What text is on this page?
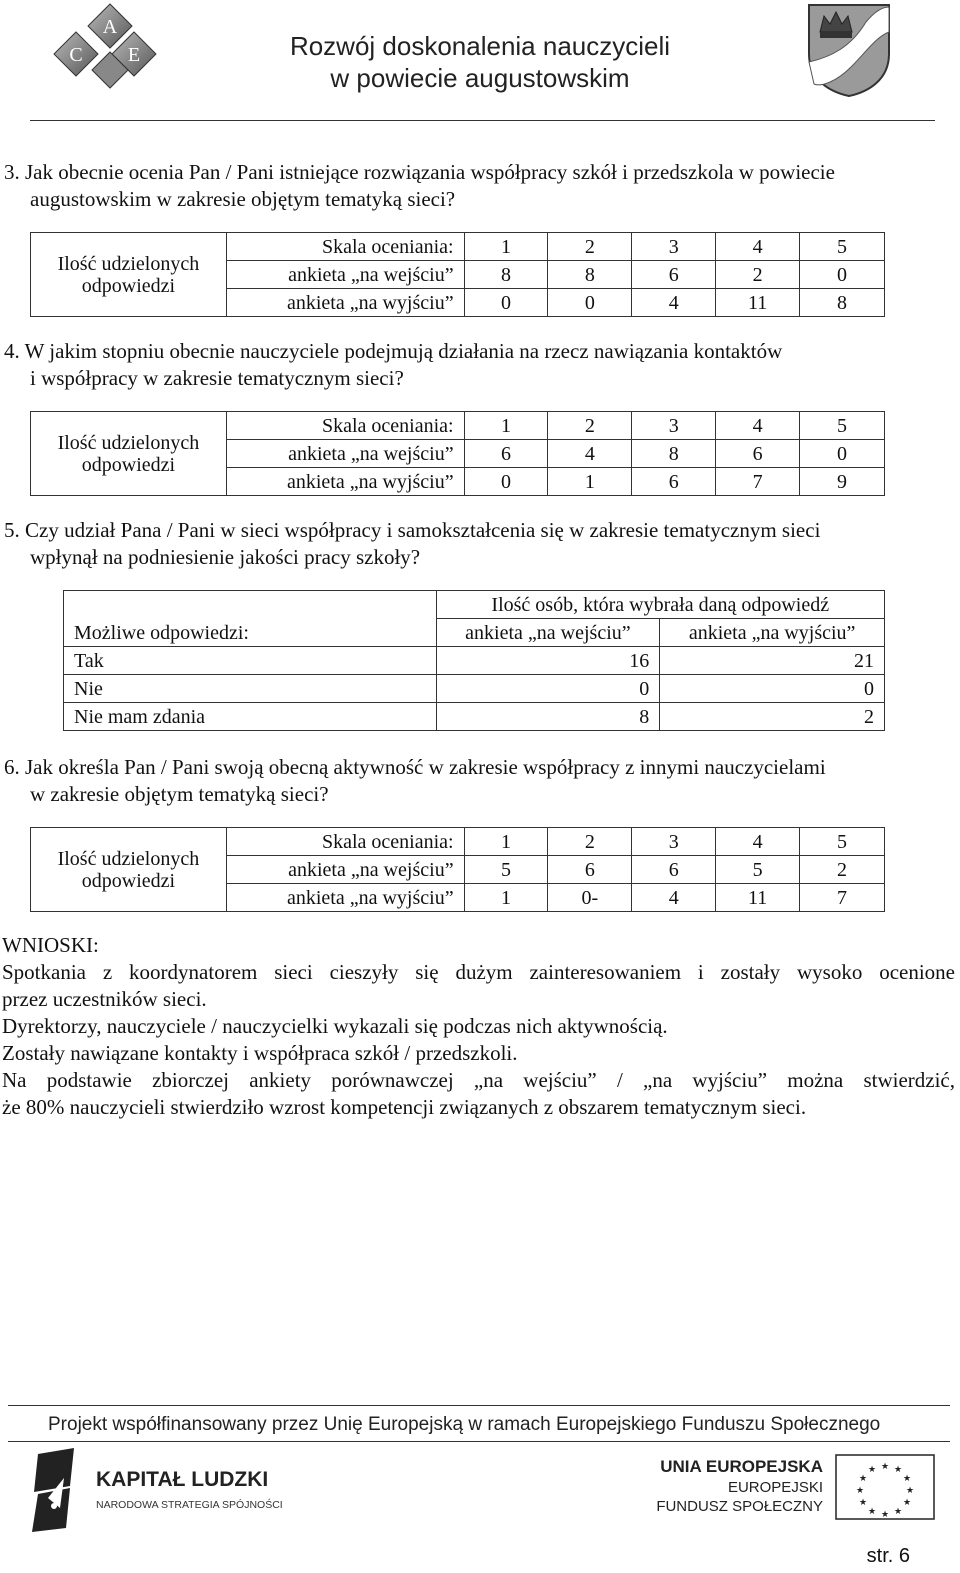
A
C E	Rozwój doskonalenia nauczycieli
w powiecie augustowskim
3. Jak obecnie ocenia Pan / Pani istniejące rozwiązania współpracy szkół i przedszkola w powiecie
augustowskim w zakresie objętym tematyką sieci?
Ilość udzielonych
odpowiedzi	Skala oceniania:	1	2	3	4	5
	ankieta „na wejściu”	8	8	6	2	0
	ankieta „na wyjściu”	0	0	4	11	8
4. W jakim stopniu obecnie nauczyciele podejmują działania na rzecz nawiązania kontaktów
i współpracy w zakresie tematycznym sieci?
Ilość udzielonych
odpowiedzi	Skala oceniania:	1	2	3	4	5
	ankieta „na wejściu”	6	4	8	6	0
	ankieta „na wyjściu”	0	1	6	7	9
5. Czy udział Pana / Pani w sieci współpracy i samokształcenia się w zakresie tematycznym sieci
wpłynął na podniesienie jakości pracy szkoły?
Możliwe odpowiedzi:	Ilość osób, która wybrała daną odpowiedź	
	ankieta „na wejściu”	ankieta „na wyjściu”
Tak	16	21
Nie	0	0
Nie mam zdania	8	2
6. Jak określa Pan / Pani swoją obecną aktywność w zakresie współpracy z innymi nauczycielami
w zakresie objętym tematyką sieci?
Ilość udzielonych
odpowiedzi	Skala oceniania:	1	2	3	4	5
	ankieta „na wejściu”	5	6	6	5	2
	ankieta „na wyjściu”	1	0-	4	11	7
WNIOSKI:
Spotkania z koordynatorem sieci cieszyły się dużym zainteresowaniem i zostały wysoko ocenione
przez uczestników sieci.
Dyrektorzy, nauczyciele / nauczycielki wykazali się podczas nich aktywnością.
Zostały nawiązane kontakty i współpraca szkół / przedszkoli.
Na podstawie zbiorczej ankiety porównawczej „na wejściu” / „na wyjściu” można stwierdzić,
że 80% nauczycieli stwierdziło wzrost kompetencji związanych z obszarem tematycznym sieci.
Projekt współfinansowany przez Unię Europejską w ramach Europejskiego Funduszu Społecznego
KAPITAŁ LUDZKI
NARODOWA STRATEGIA SPÓJNOŚCI
UNIA EUROPEJSKA
EUROPEJSKI
FUNDUSZ SPOŁECZNY
★ ★
★
★
★
★
★
★
★
★
★
★
str. 6
